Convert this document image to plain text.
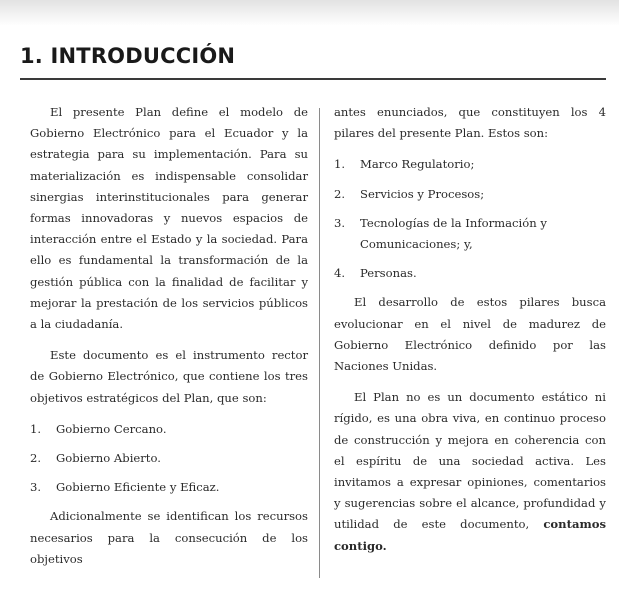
1. INTRODUCCIÓN

El presente Plan define el modelo de Gobierno Electrónico para el Ecuador y la estrategia para su implementación. Para su materialización es indispensable consolidar sinergias interinstitucionales para generar formas innovadoras y nuevos espacios de interacción entre el Estado y la sociedad. Para ello es fundamental la transformación de la gestión pública con la finalidad de facilitar y mejorar la prestación de los servicios públicos a la ciudadanía.

Este documento es el instrumento rector de Gobierno Electrónico, que contiene los tres objetivos estratégicos del Plan, que son:

1. Gobierno Cercano.
2. Gobierno Abierto.
3. Gobierno Eficiente y Eficaz.

Adicionalmente se identifican los recursos necesarios para la consecución de los objetivos

antes enunciados, que constituyen los 4 pilares del presente Plan. Estos son:

1. Marco Regulatorio;
2. Servicios y Procesos;
3. Tecnologías de la Información y Comunicaciones; y,
4. Personas.

El desarrollo de estos pilares busca evolucionar en el nivel de madurez de Gobierno Electrónico definido por las Naciones Unidas.

El Plan no es un documento estático ni rígido, es una obra viva, en continuo proceso de construcción y mejora en coherencia con el espíritu de una sociedad activa. Les invitamos a expresar opiniones, comentarios y sugerencias sobre el alcance, profundidad y utilidad de este documento, contamos contigo.
